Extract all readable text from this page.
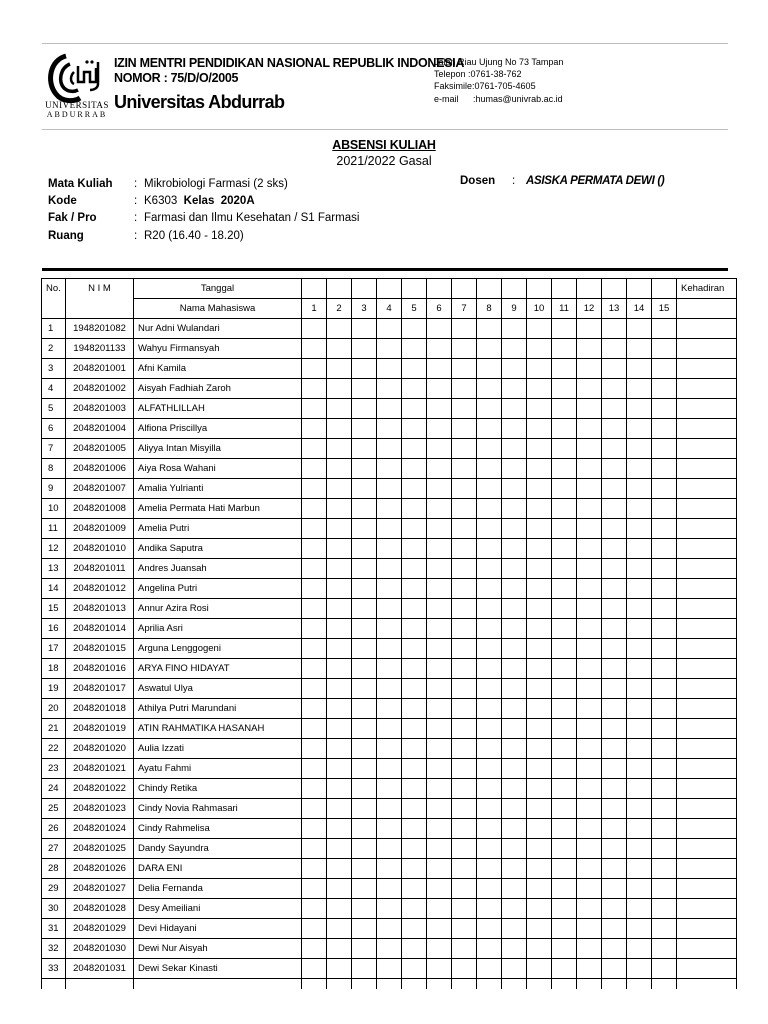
UNIVERSITAS
ABDURRAB
IZIN MENTRI PENDIDIKAN NASIONAL REPUBLIK INDONESIA
NOMOR : 75/D/O/2005
Universitas Abdurrab
Jalan Riau Ujung No 73 Tampan
Telepon :0761-38-762
Faksimile:0761-705-4605
e-mail :humas@univrab.ac.id
ABSENSI KULIAH
2021/2022 Gasal
Mata Kuliah : Mikrobiologi Farmasi (2 sks)
Kode	: K6303 Kelas 2020A
Fak / Pro	: Farmasi dan Ilmu Kesehatan / S1 Farmasi
Ruang	: R20 (16.40 - 18.20)
Dosen : ASISKA PERMATA DEWI ()
No.	N I M	Tanggal																Kehadiran
		Nama Mahasiswa	1	2	3	4	5	6	7	8	9	10	11	12	13	14	15	
1	1948201082	Nur Adni Wulandari																
2	1948201133	Wahyu Firmansyah																
3	2048201001	Afni Kamila																
4	2048201002	Aisyah Fadhiah Zaroh																
5	2048201003	ALFATHLILLAH																
6	2048201004	Alfiona Priscillya																
7	2048201005	Aliyya Intan Misyilla																
8	2048201006	Aiya Rosa Wahani																
9	2048201007	Amalia Yulrianti																
10	2048201008	Amelia Permata Hati Marbun																
11	2048201009	Amelia Putri																
12	2048201010	Andika Saputra																
13	2048201011	Andres Juansah																
14	2048201012	Angelina Putri																
15	2048201013	Annur Azira Rosi																
16	2048201014	Aprilia Asri																
17	2048201015	Arguna Lenggogeni																
18	2048201016	ARYA FINO HIDAYAT																
19	2048201017	Aswatul Ulya																
20	2048201018	Athilya Putri Marundani																
21	2048201019	ATIN RAHMATIKA HASANAH																
22	2048201020	Aulia Izzati																
23	2048201021	Ayatu Fahmi																
24	2048201022	Chindy Retika																
25	2048201023	Cindy Novia Rahmasari																
26	2048201024	Cindy Rahmelisa																
27	2048201025	Dandy Sayundra																
28	2048201026	DARA ENI																
29	2048201027	Delia Fernanda																
30	2048201028	Desy Ameiliani																
31	2048201029	Devi Hidayani																
32	2048201030	Dewi Nur Aisyah																
33	2048201031	Dewi Sekar Kinasti																
